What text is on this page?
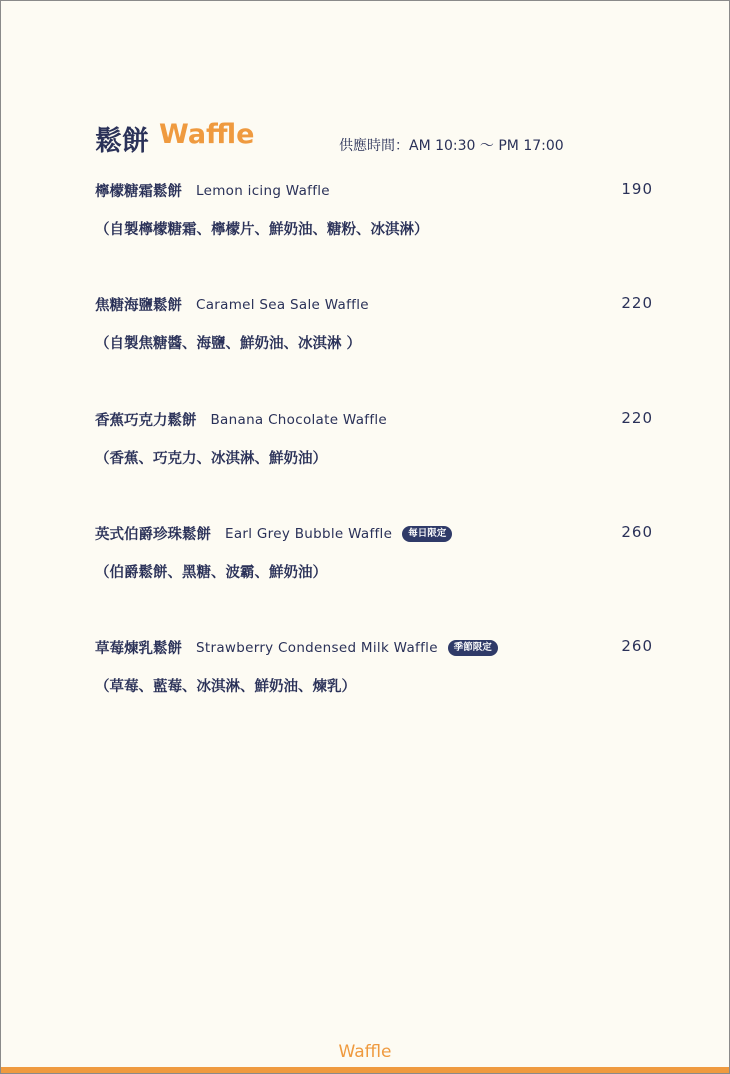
鬆餅 Waffle	供應時間：AM 10:30 ～ PM 17:00
檸檬糖霜鬆餅 Lemon icing Waffle	190
（自製檸檬糖霜、檸檬片、鮮奶油、糖粉、冰淇淋）
焦糖海鹽鬆餅 Caramel Sea Sale Waffle	220
（自製焦糖醬、海鹽、鮮奶油、冰淇淋 ）
香蕉巧克力鬆餅 Banana Chocolate Waffle	220
（香蕉、巧克力、冰淇淋、鮮奶油）
英式伯爵珍珠鬆餅 Earl Grey Bubble Waffle	每日限定	260
（伯爵鬆餅、黑糖、波霸、鮮奶油）
草莓煉乳鬆餅 Strawberry Condensed Milk Waffle	季節限定	260
（草莓、藍莓、冰淇淋、鮮奶油、煉乳）
Waffle
